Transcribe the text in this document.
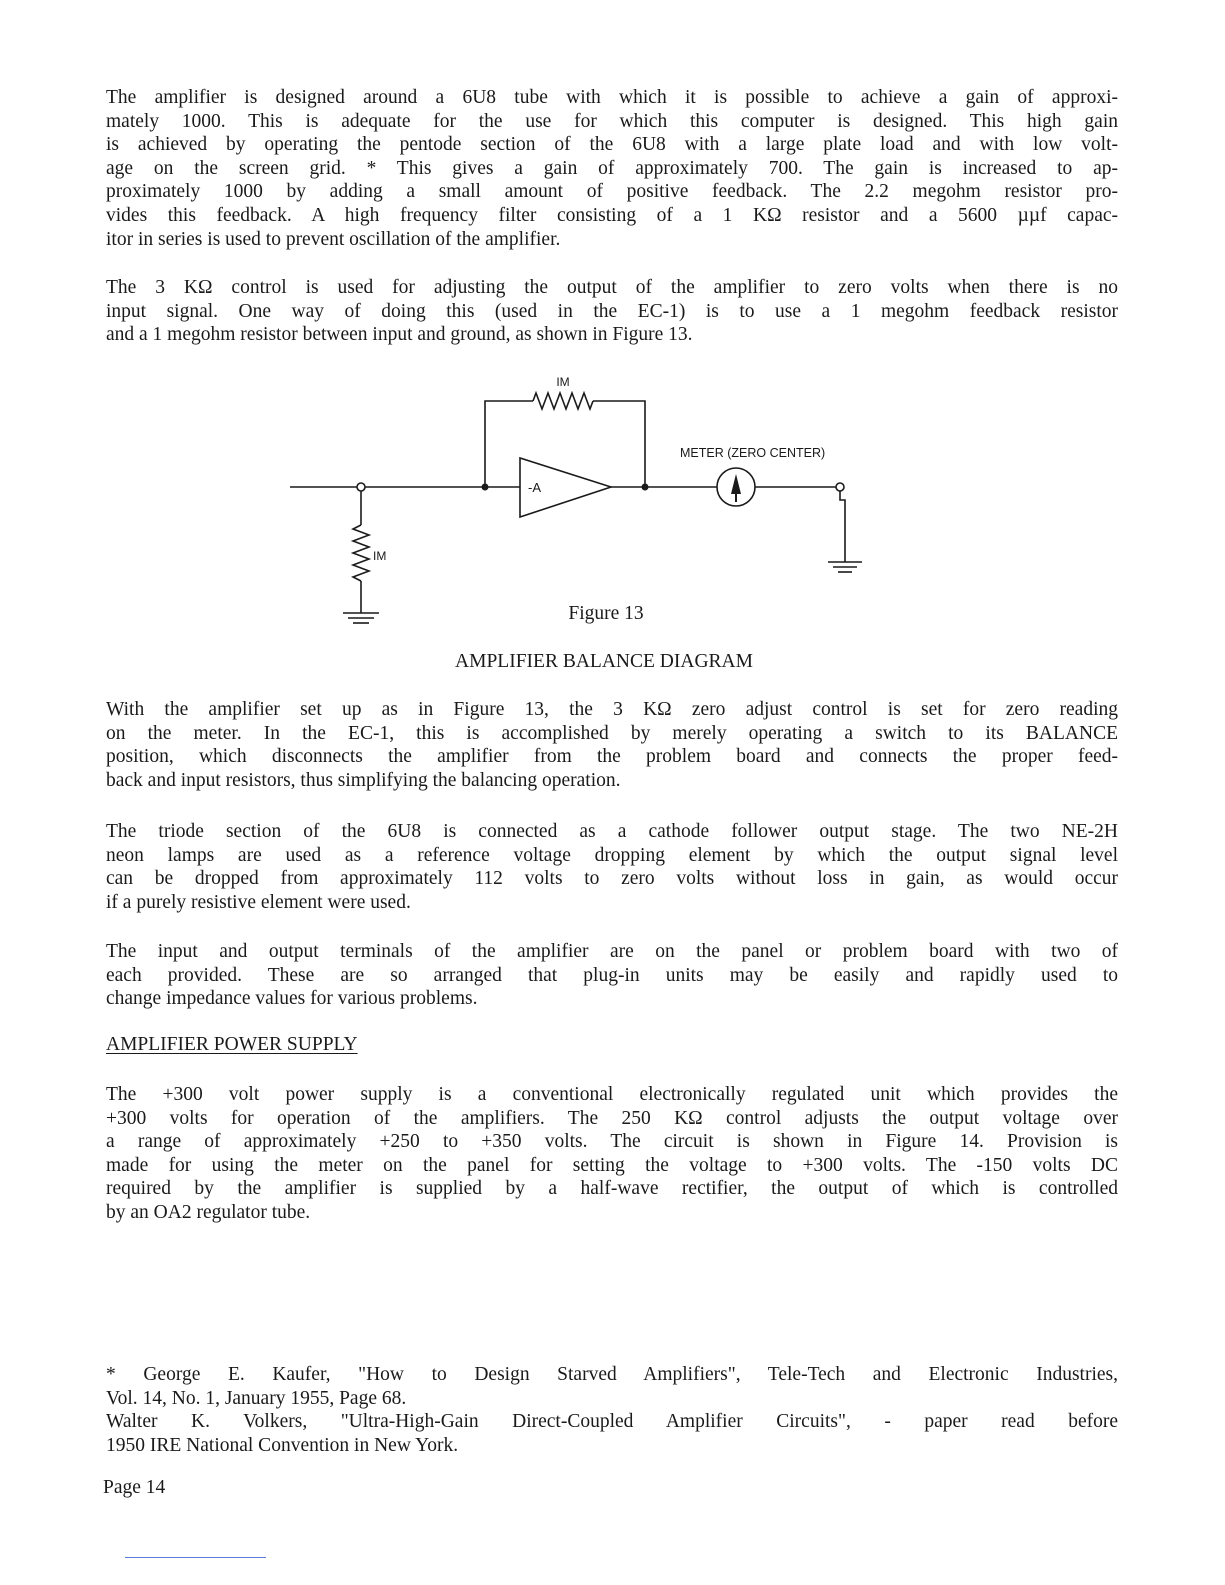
The amplifier is designed around a 6U8 tube with which it is possible to achieve a gain of approxi-
mately 1000. This is adequate for the use for which this computer is designed. This high gain
is achieved by operating the pentode section of the 6U8 with a large plate load and with low volt-
age on the screen grid. * This gives a gain of approximately 700. The gain is increased to ap-
proximately 1000 by adding a small amount of positive feedback. The 2.2 megohm resistor pro-
vides this feedback. A high frequency filter consisting of a 1 KΩ resistor and a 5600 µµf capac-
itor in series is used to prevent oscillation of the amplifier.

The 3 KΩ control is used for adjusting the output of the amplifier to zero volts when there is no
input signal. One way of doing this (used in the EC-1) is to use a 1 megohm feedback resistor
and a 1 megohm resistor between input and ground, as shown in Figure 13.

IM
-A
METER (ZERO CENTER)
IM

Figure 13

AMPLIFIER BALANCE DIAGRAM

With the amplifier set up as in Figure 13, the 3 KΩ zero adjust control is set for zero reading
on the meter. In the EC-1, this is accomplished by merely operating a switch to its BALANCE
position, which disconnects the amplifier from the problem board and connects the proper feed-
back and input resistors, thus simplifying the balancing operation.

The triode section of the 6U8 is connected as a cathode follower output stage. The two NE-2H
neon lamps are used as a reference voltage dropping element by which the output signal level
can be dropped from approximately 112 volts to zero volts without loss in gain, as would occur
if a purely resistive element were used.

The input and output terminals of the amplifier are on the panel or problem board with two of
each provided. These are so arranged that plug-in units may be easily and rapidly used to
change impedance values for various problems.

AMPLIFIER POWER SUPPLY

The +300 volt power supply is a conventional electronically regulated unit which provides the
+300 volts for operation of the amplifiers. The 250 KΩ control adjusts the output voltage over
a range of approximately +250 to +350 volts. The circuit is shown in Figure 14. Provision is
made for using the meter on the panel for setting the voltage to +300 volts. The -150 volts DC
required by the amplifier is supplied by a half-wave rectifier, the output of which is controlled
by an OA2 regulator tube.

* George E. Kaufer, "How to Design Starved Amplifiers", Tele-Tech and Electronic Industries,
Vol. 14, No. 1, January 1955, Page 68.
Walter K. Volkers, "Ultra-High-Gain Direct-Coupled Amplifier Circuits", - paper read before
1950 IRE National Convention in New York.

Page 14
